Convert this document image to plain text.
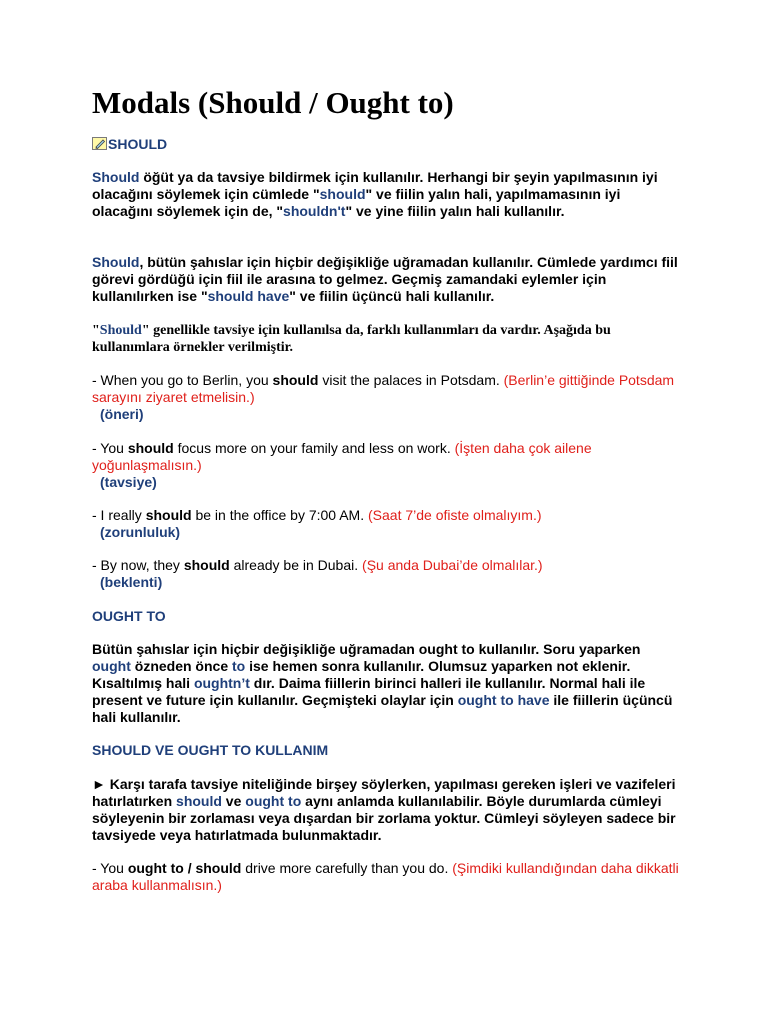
Modals (Should / Ought to)
SHOULD

Should öğüt ya da tavsiye bildirmek için kullanılır. Herhangi bir şeyin yapılmasının iyi olacağını söylemek için cümlede "should" ve fiilin yalın hali, yapılmamasının iyi olacağını söylemek için de, "shouldn't" ve yine fiilin yalın hali kullanılır.

Should, bütün şahıslar için hiçbir değişikliğe uğramadan kullanılır. Cümlede yardımcı fiil görevi gördüğü için fiil ile arasına to gelmez. Geçmiş zamandaki eylemler için kullanılırken ise "should have" ve fiilin üçüncü hali kullanılır.

"Should" genellikle tavsiye için kullanılsa da, farklı kullanımları da vardır. Aşağıda bu kullanımlara örnekler verilmiştir.

- When you go to Berlin, you should visit the palaces in Potsdam. (Berlin’e gittiğinde Potsdam sarayını ziyaret etmelisin.)
(öneri)
- You should focus more on your family and less on work. (İşten daha çok ailene yoğunlaşmalısın.)
(tavsiye)
- I really should be in the office by 7:00 AM. (Saat 7’de ofiste olmalıyım.)
(zorunluluk)
- By now, they should already be in Dubai. (Şu anda Dubai’de olmalılar.)
(beklenti)
OUGHT TO

Bütün şahıslar için hiçbir değişikliğe uğramadan ought to kullanılır. Soru yaparken ought özneden önce to ise hemen sonra kullanılır. Olumsuz yaparken not eklenir. Kısaltılmış hali oughtn’t dır. Daima fiillerin birinci halleri ile kullanılır. Normal hali ile present ve future için kullanılır. Geçmişteki olaylar için ought to have ile fiillerin üçüncü hali kullanılır.

SHOULD VE OUGHT TO KULLANIM

► Karşı tarafa tavsiye niteliğinde birşey söylerken, yapılması gereken işleri ve vazifeleri hatırlatırken should ve ought to aynı anlamda kullanılabilir. Böyle durumlarda cümleyi söyleyenin bir zorlaması veya dışardan bir zorlama yoktur. Cümleyi söyleyen sadece bir tavsiyede veya hatırlatmada bulunmaktadır.

- You ought to / should drive more carefully than you do. (Şimdiki kullandığından daha dikkatli araba kullanmalısın.)
